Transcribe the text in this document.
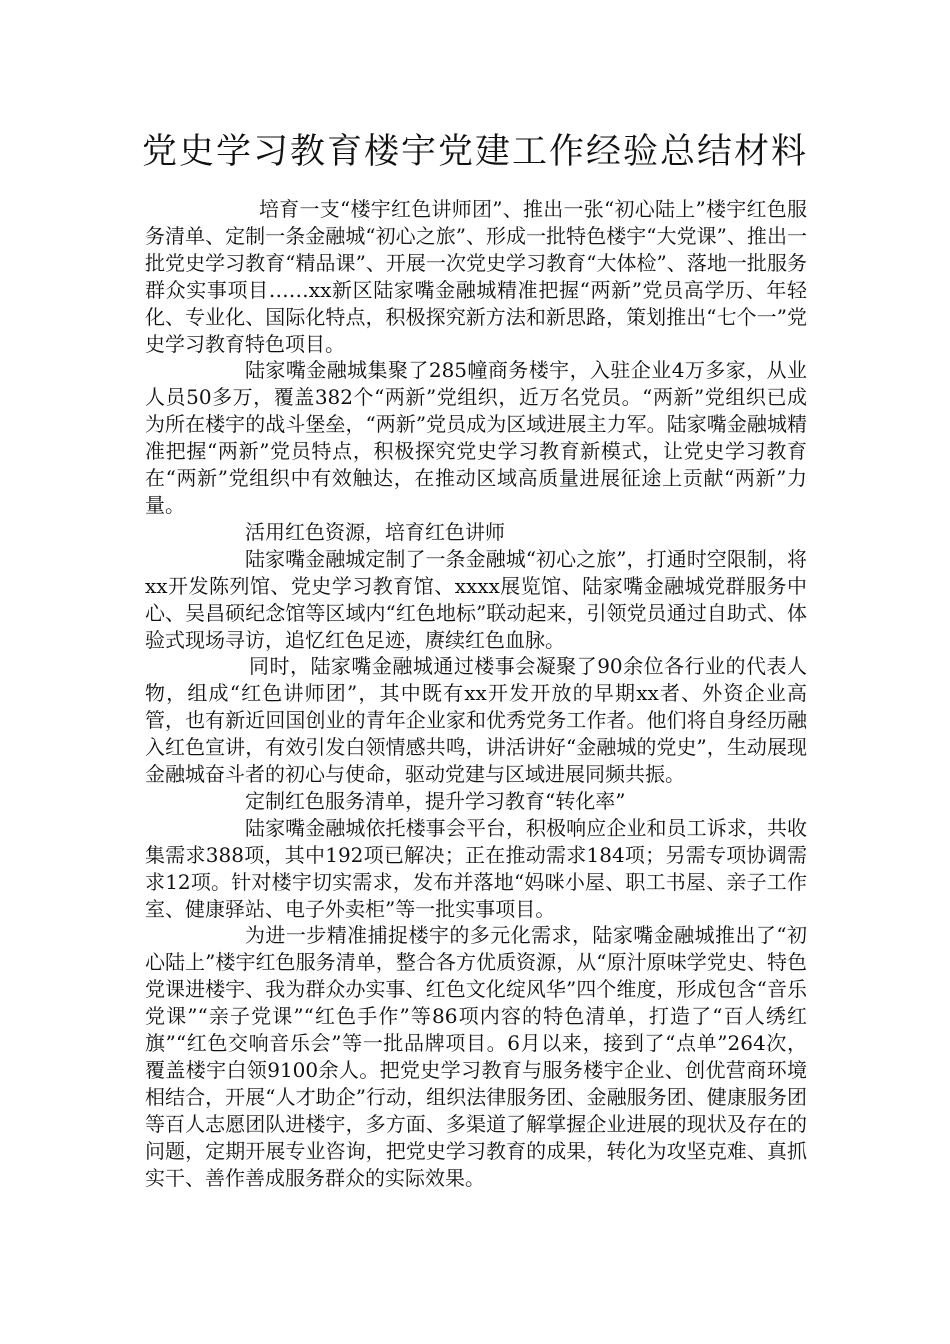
党史学习教育楼宇党建工作经验总结材料

培育一支“楼宇红色讲师团”、推出一张“初心陆上”楼宇红色服务清单、定制一条金融城“初心之旅”、形成一批特色楼宇“大党课”、推出一批党史学习教育“精品课”、开展一次党史学习教育“大体检”、落地一批服务群众实事项目……xx新区陆家嘴金融城精准把握“两新”党员高学历、年轻化、专业化、国际化特点，积极探究新方法和新思路，策划推出“七个一”党史学习教育特色项目。

陆家嘴金融城集聚了285幢商务楼宇，入驻企业4万多家，从业人员50多万，覆盖382个“两新”党组织，近万名党员。“两新”党组织已成为所在楼宇的战斗堡垒，“两新”党员成为区域进展主力军。陆家嘴金融城精准把握“两新”党员特点，积极探究党史学习教育新模式，让党史学习教育在“两新”党组织中有效触达，在推动区域高质量进展征途上贡献“两新”力量。

活用红色资源，培育红色讲师

陆家嘴金融城定制了一条金融城“初心之旅”，打通时空限制，将xx开发陈列馆、党史学习教育馆、xxxx展览馆、陆家嘴金融城党群服务中心、吴昌硕纪念馆等区域内“红色地标”联动起来，引领党员通过自助式、体验式现场寻访，追忆红色足迹，赓续红色血脉。

同时，陆家嘴金融城通过楼事会凝聚了90余位各行业的代表人物，组成“红色讲师团”，其中既有xx开发开放的早期xx者、外资企业高管，也有新近回国创业的青年企业家和优秀党务工作者。他们将自身经历融入红色宣讲，有效引发白领情感共鸣，讲活讲好“金融城的党史”，生动展现金融城奋斗者的初心与使命，驱动党建与区域进展同频共振。

定制红色服务清单，提升学习教育“转化率”

陆家嘴金融城依托楼事会平台，积极响应企业和员工诉求，共收集需求388项，其中192项已解决；正在推动需求184项；另需专项协调需求12项。针对楼宇切实需求，发布并落地“妈咪小屋、职工书屋、亲子工作室、健康驿站、电子外卖柜”等一批实事项目。

为进一步精准捕捉楼宇的多元化需求，陆家嘴金融城推出了“初心陆上”楼宇红色服务清单，整合各方优质资源，从“原汁原味学党史、特色党课进楼宇、我为群众办实事、红色文化绽风华”四个维度，形成包含“音乐党课”“亲子党课”“红色手作”等86项内容的特色清单，打造了“百人绣红旗”“红色交响音乐会”等一批品牌项目。6月以来，接到了“点单”264次，覆盖楼宇白领9100余人。把党史学习教育与服务楼宇企业、创优营商环境相结合，开展“人才助企”行动，组织法律服务团、金融服务团、健康服务团等百人志愿团队进楼宇，多方面、多渠道了解掌握企业进展的现状及存在的问题，定期开展专业咨询，把党史学习教育的成果，转化为攻坚克难、真抓实干、善作善成服务群众的实际效果。
